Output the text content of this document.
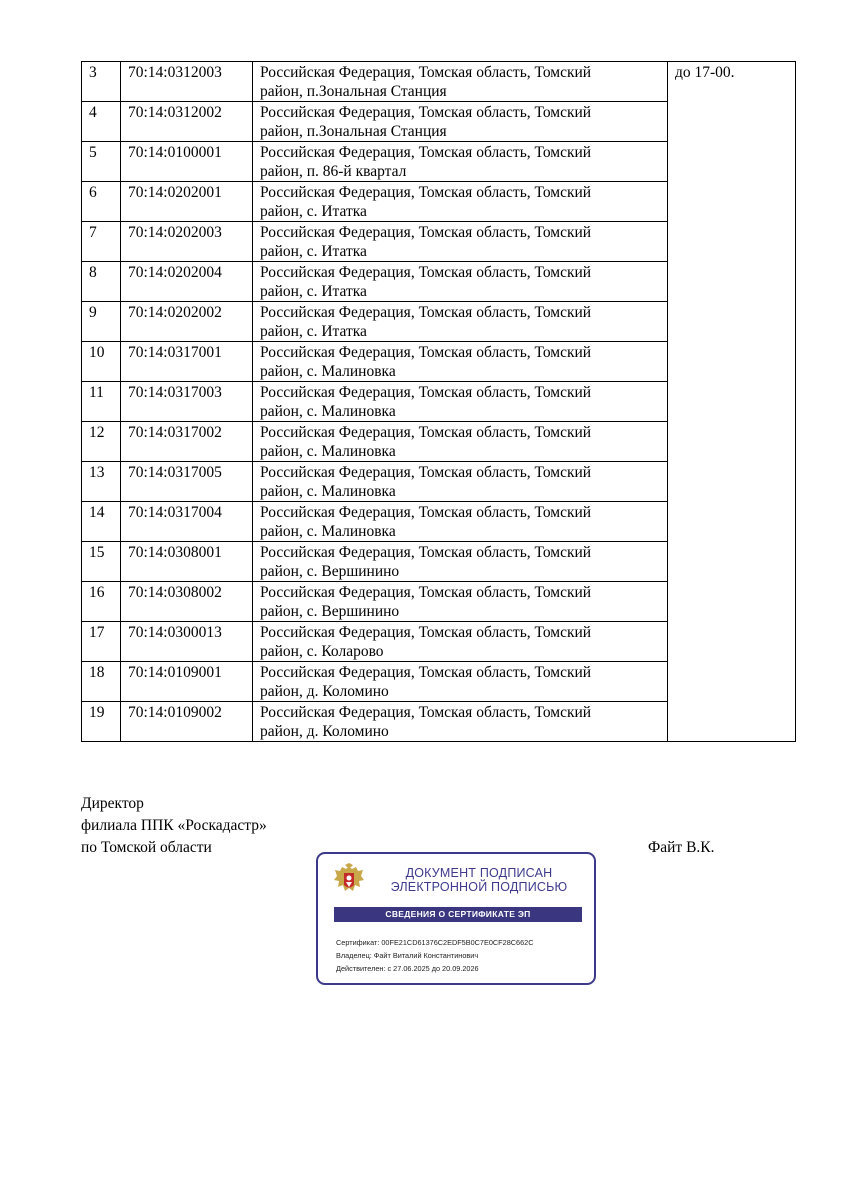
3	70:14:0312003	Российская Федерация, Томская область, Томский
район, п.Зональная Станция	до 17-00.
4	70:14:0312002	Российская Федерация, Томская область, Томский
район, п.Зональная Станция	

5	70:14:0100001	Российская Федерация, Томская область, Томский
район, п. 86-й квартал	

6	70:14:0202001	Российская Федерация, Томская область, Томский
район, с. Итатка	

7	70:14:0202003	Российская Федерация, Томская область, Томский
район, с. Итатка	

8	70:14:0202004	Российская Федерация, Томская область, Томский
район, с. Итатка	

9	70:14:0202002	Российская Федерация, Томская область, Томский
район, с. Итатка	

10	70:14:0317001	Российская Федерация, Томская область, Томский
район, с. Малиновка	

11	70:14:0317003	Российская Федерация, Томская область, Томский
район, с. Малиновка	

12	70:14:0317002	Российская Федерация, Томская область, Томский
район, с. Малиновка	

13	70:14:0317005	Российская Федерация, Томская область, Томский
район, с. Малиновка	

14	70:14:0317004	Российская Федерация, Томская область, Томский
район, с. Малиновка	

15	70:14:0308001	Российская Федерация, Томская область, Томский
район, с. Вершинино	

16	70:14:0308002	Российская Федерация, Томская область, Томский
район, с. Вершинино	

17	70:14:0300013	Российская Федерация, Томская область, Томский
район, с. Коларово	

18	70:14:0109001	Российская Федерация, Томская область, Томский
район, д. Коломино	

19	70:14:0109002	Российская Федерация, Томская область, Томский
район, д. Коломино	
Директор
филиала ППК «Роскадастр»
по Томской области	Файт В.К.
ДОКУМЕНТ ПОДПИСАН
ЭЛЕКТРОННОЙ ПОДПИСЬЮ
СВЕДЕНИЯ О СЕРТИФИКАТЕ ЭП
Сертификат: 00FE21CD61376C2EDF5B0C7E0CF28C662C
Владелец: Файт Виталий Константинович
Действителен: с 27.06.2025 до 20.09.2026
